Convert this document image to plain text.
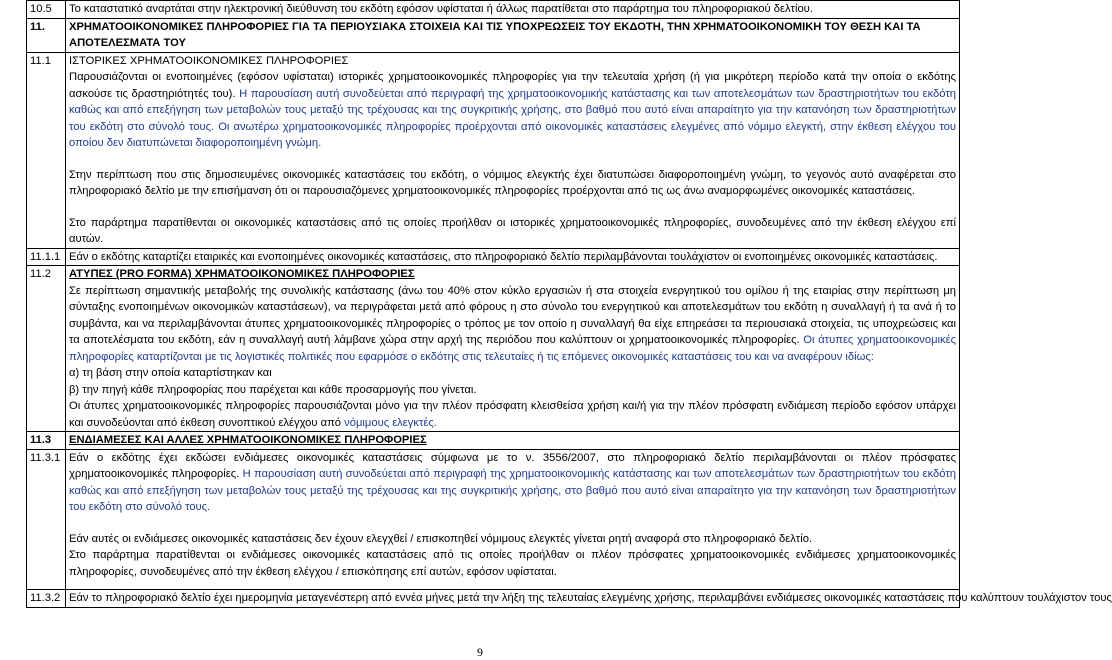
10.5	Το καταστατικό αναρτάται στην ηλεκτρονική διεύθυνση του εκδότη εφόσον υφίσταται ή άλλως παρατίθεται στο παράρτημα του πληροφοριακού δελτίου.
11.	ΧΡΗΜΑΤΟΟΙΚΟΝΟΜΙΚΕΣ ΠΛΗΡΟΦΟΡΙΕΣ ΓΙΑ ΤΑ ΠΕΡΙΟΥΣΙΑΚΑ ΣΤΟΙΧΕΙΑ ΚΑΙ ΤΙΣ ΥΠΟΧΡΕΩΣΕΙΣ ΤΟΥ ΕΚΔΟΤΗ, ΤΗΝ ΧΡΗΜΑΤΟΟΙΚΟΝΟΜΙΚΗ ΤΟΥ ΘΕΣΗ ΚΑΙ ΤΑ ΑΠΟΤΕΛΕΣΜΑΤΑ ΤΟΥ
11.1	ΙΣΤΟΡΙΚΕΣ ΧΡΗΜΑΤΟΟΙΚΟΝΟΜΙΚΕΣ ΠΛΗΡΟΦΟΡΙΕΣ

Παρουσιάζονται οι ενοποιημένες (εφόσον υφίσταται) ιστορικές χρηματοοικονομικές πληροφορίες για την τελευταία χρήση (ή για μικρότερη περίοδο κατά την οποία ο εκδότης ασκούσε τις δραστηριότητές του). Η παρουσίαση αυτή συνοδεύεται από περιγραφή της χρηματοοικονομικής κατάστασης και των αποτελεσμάτων των δραστηριοτήτων του εκδότη καθώς και από επεξήγηση των μεταβολών τους μεταξύ της τρέχουσας και της συγκριτικής χρήσης, στο βαθμό που αυτό είναι απαραίτητο για την κατανόηση των δραστηριοτήτων του εκδότη στο σύνολό τους. Οι ανωτέρω χρηματοοικονομικές πληροφορίες προέρχονται από οικονομικές καταστάσεις ελεγμένες από νόμιμο ελεγκτή, στην έκθεση ελέγχου του οποίου δεν διατυπώνεται διαφοροποιημένη γνώμη.

Στην περίπτωση που στις δημοσιευμένες οικονομικές καταστάσεις του εκδότη, ο νόμιμος ελεγκτής έχει διατυπώσει διαφοροποιημένη γνώμη, το γεγονός αυτό αναφέρεται στο πληροφοριακό δελτίο με την επισήμανση ότι οι παρουσιαζόμενες χρηματοοικονομικές πληροφορίες προέρχονται από τις ως άνω αναμορφωμένες οικονομικές καταστάσεις.

Στο παράρτημα παρατίθενται οι οικονομικές καταστάσεις από τις οποίες προήλθαν οι ιστορικές χρηματοοικονομικές πληροφορίες, συνοδευμένες από την έκθεση ελέγχου επί αυτών.

11.1.1	Εάν ο εκδότης καταρτίζει εταιρικές και ενοποιημένες οικονομικές καταστάσεις, στο πληροφοριακό δελτίο περιλαμβάνονται τουλάχιστον οι ενοποιημένες οικονομικές καταστάσεις.
11.2	ΑΤΥΠΕΣ (PRO FORMA) ΧΡΗΜΑΤΟΟΙΚΟΝΟΜΙΚΕΣ ΠΛΗΡΟΦΟΡΙΕΣ

Σε περίπτωση σημαντικής μεταβολής της συνολικής κατάστασης (άνω του 40% στον κύκλο εργασιών ή στα στοιχεία ενεργητικού του ομίλου ή της εταιρίας στην περίπτωση μη σύνταξης ενοποιημένων οικονομικών καταστάσεων), να περιγράφεται μετά από φόρους η στο σύνολο του ενεργητικού και αποτελεσμάτων του εκδότη η συναλλαγή ή τα ανά ή το συμβάντα, και να περιλαμβάνονται άτυπες χρηματοοικονομικές πληροφορίες ο τρόπος με τον οποίο η συναλλαγή θα είχε επηρεάσει τα περιουσιακά στοιχεία, τις υποχρεώσεις και τα αποτελέσματα του εκδότη, εάν η συναλλαγή αυτή λάμβανε χώρα στην αρχή της περιόδου που καλύπτουν οι χρηματοοικονομικές πληροφορίες. Οι άτυπες χρηματοοικονομικές πληροφορίες καταρτίζονται με τις λογιστικές πολιτικές που εφαρμόσε ο εκδότης στις τελευταίες ή τις επόμενες οικονομικές καταστάσεις του και να αναφέρουν ιδίως:

α) τη βάση στην οποία καταρτίστηκαν και

β) την πηγή κάθε πληροφορίας που παρέχεται και κάθε προσαρμογής που γίνεται.

Οι άτυπες χρηματοοικονομικές πληροφορίες παρουσιάζονται μόνο για την πλέον πρόσφατη κλεισθείσα χρήση και/ή για την πλέον πρόσφατη ενδιάμεση περίοδο εφόσον υπάρχει και συνοδεύονται από έκθεση συνοπτικού ελέγχου από νόμιμους ελεγκτές.

11.3	ΕΝΔΙΑΜΕΣΕΣ ΚΑΙ ΑΛΛΕΣ ΧΡΗΜΑΤΟΟΙΚΟΝΟΜΙΚΕΣ ΠΛΗΡΟΦΟΡΙΕΣ
11.3.1	Εάν ο εκδότης έχει εκδώσει ενδιάμεσες οικονομικές καταστάσεις σύμφωνα με το ν. 3556/2007, στο πληροφοριακό δελτίο περιλαμβάνονται οι πλέον πρόσφατες χρηματοοικονομικές πληροφορίες. Η παρουσίαση αυτή συνοδεύεται από περιγραφή της χρηματοοικονομικής κατάστασης και των αποτελεσμάτων των δραστηριοτήτων του εκδότη καθώς και από επεξήγηση των μεταβολών τους μεταξύ της τρέχουσας και της συγκριτικής χρήσης, στο βαθμό που αυτό είναι απαραίτητο για την κατανόηση των δραστηριοτήτων του εκδότη στο σύνολό τους.

Εάν αυτές οι ενδιάμεσες οικονομικές καταστάσεις δεν έχουν ελεγχθεί / επισκοπηθεί νόμιμους ελεγκτές γίνεται ρητή αναφορά στο πληροφοριακό δελτίο.

Στο παράρτημα παρατίθενται οι ενδιάμεσες οικονομικές καταστάσεις από τις οποίες προήλθαν οι πλέον πρόσφατες χρηματοοικονομικές ενδιάμεσες χρηματοοικονομικές πληροφορίες, συνοδευμένες από την έκθεση ελέγχου / επισκόπησης επί αυτών, εφόσον υφίσταται.

11.3.2	Εάν το πληροφοριακό δελτίο έχει ημερομηνία μεταγενέστερη από εννέα μήνες μετά την λήξη της τελευταίας ελεγμένης χρήσης, περιλαμβάνει ενδιάμεσες οικονομικές καταστάσεις που καλύπτουν τουλάχιστον τους
9
